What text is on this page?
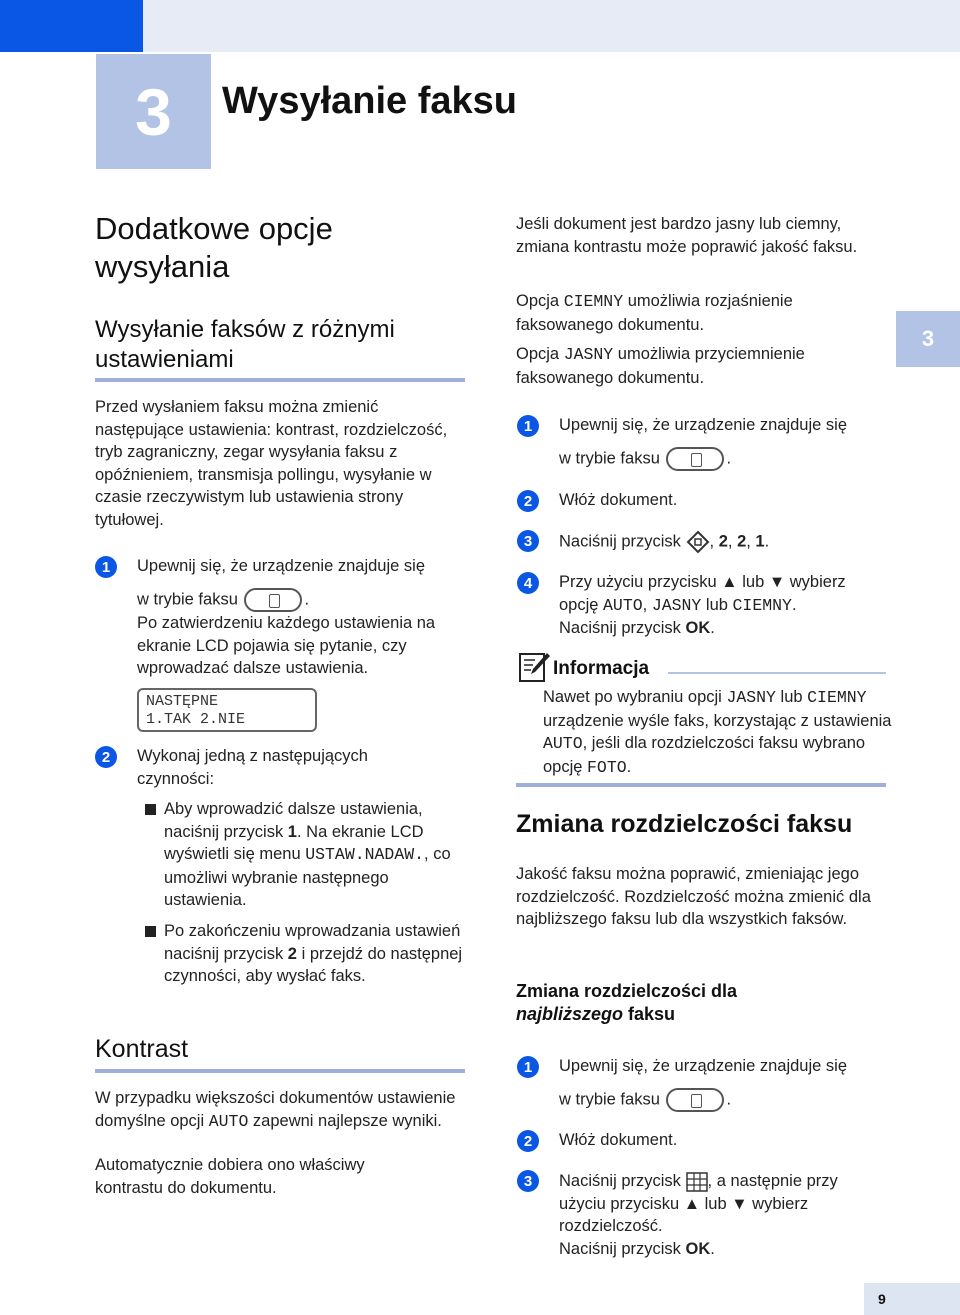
3	Wysyłanie faksu
Dodatkowe opcje wysyłania
Wysyłanie faksów z różnymi ustawieniami
Przed wysłaniem faksu można zmienić następujące ustawienia: kontrast, rozdzielczość, tryb zagraniczny, zegar wysyłania faksu z opóźnieniem, transmisja pollingu, wysyłanie w czasie rzeczywistym lub ustawienia strony tytułowej.
1	Upewnij się, że urządzenie znajduje się
w trybie faksu	.
Po zatwierdzeniu każdego ustawienia na ekranie LCD pojawia się pytanie, czy wprowadzać dalsze ustawienia.
NASTĘPNE
1.TAK 2.NIE
2	Wykonaj jedną z następujących czynności:
Aby wprowadzić dalsze ustawienia, naciśnij przycisk 1. Na ekranie LCD wyświetli się menu USTAW.NADAW., co umożliwi wybranie następnego ustawienia.
Po zakończeniu wprowadzania ustawień naciśnij przycisk 2 i przejdź do następnej czynności, aby wysłać faks.
Kontrast
W przypadku większości dokumentów ustawienie domyślne opcji AUTO zapewni najlepsze wyniki.
Automatycznie dobiera ono właściwy kontrastu do dokumentu.
Jeśli dokument jest bardzo jasny lub ciemny, zmiana kontrastu może poprawić jakość faksu.
Opcja CIEMNY umożliwia rozjaśnienie faksowanego dokumentu.
Opcja JASNY umożliwia przyciemnienie faksowanego dokumentu.
3
1	Upewnij się, że urządzenie znajduje się
w trybie faksu	.
2	Włóż dokument.
3	Naciśnij przycisk , 2, 2, 1.
4	Przy użyciu przycisku ▲ lub ▼ wybierz opcję AUTO, JASNY lub CIEMNY.
Naciśnij przycisk OK.
Informacja
Nawet po wybraniu opcji JASNY lub CIEMNY urządzenie wyśle faks, korzystając z ustawienia AUTO, jeśli dla rozdzielczości faksu wybrano opcję FOTO.
Zmiana rozdzielczości faksu
Jakość faksu można poprawić, zmieniając jego rozdzielczość. Rozdzielczość można zmienić dla najbliższego faksu lub dla wszystkich faksów.
Zmiana rozdzielczości dla najbliższego faksu
1	Upewnij się, że urządzenie znajduje się
w trybie faksu	.
2	Włóż dokument.
3	Naciśnij przycisk , a następnie przy użyciu przycisku ▲ lub ▼ wybierz rozdzielczość.
Naciśnij przycisk OK.
9
